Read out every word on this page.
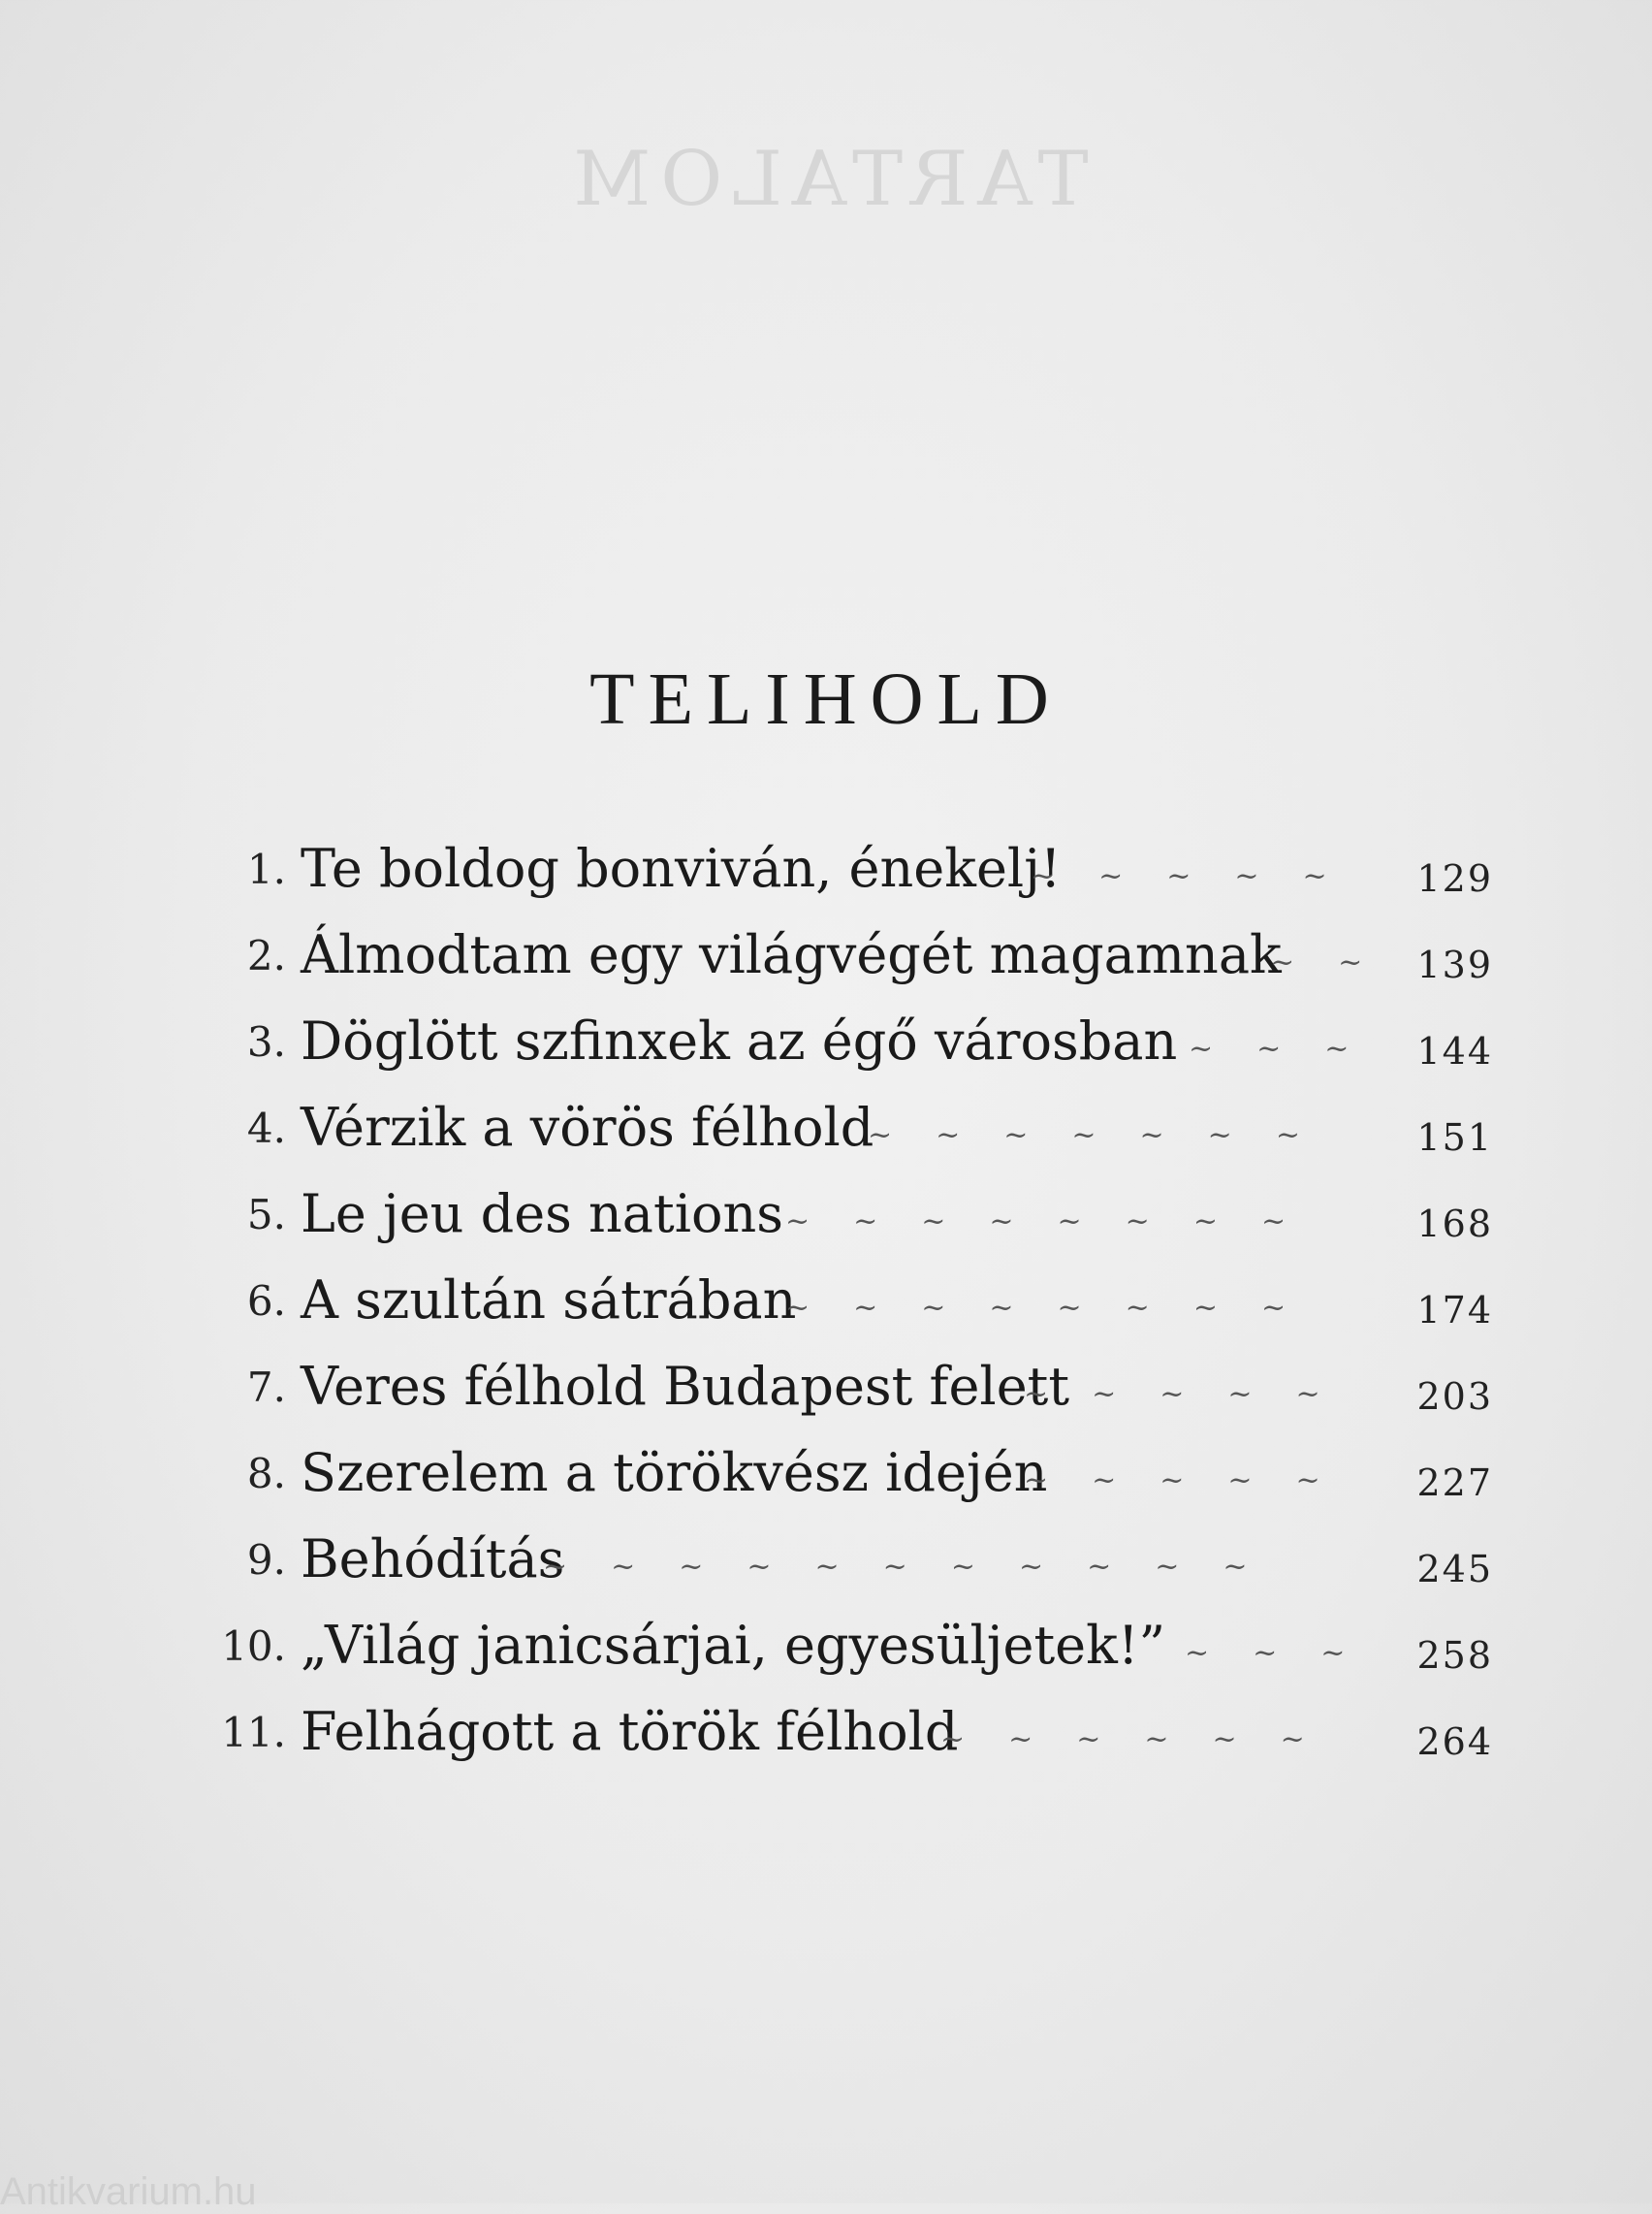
TARTALOM
TELIHOLD
1. Te boldog bonviván, énekelj!
~  ~  ~  ~  ~ 129
2. Álmodtam egy világvégét magamnak
~  ~ 139
3. Döglött szfinxek az égő városban ~  ~  ~ 144
4. Vérzik a vörös félhold
~  ~  ~  ~  ~  ~  ~	151
5. Le jeu des nations ~  ~  ~  ~  ~  ~  ~  ~	168
6. A szultán sátrában
~  ~  ~  ~  ~  ~  ~  ~	174
7. Veres félhold Budapest felett
~  ~  ~  ~  ~	203
8. Szerelem a törökvész idején
~  ~  ~  ~  ~	227
9. Behódítás
~  ~  ~  ~  ~  ~  ~  ~  ~  ~  ~	245
10. „Világ janicsárjai, egyesüljetek!” ~  ~  ~ 258
11. Felhágott a török félhold
~  ~  ~  ~  ~  ~	264
Antikvarium.hu
